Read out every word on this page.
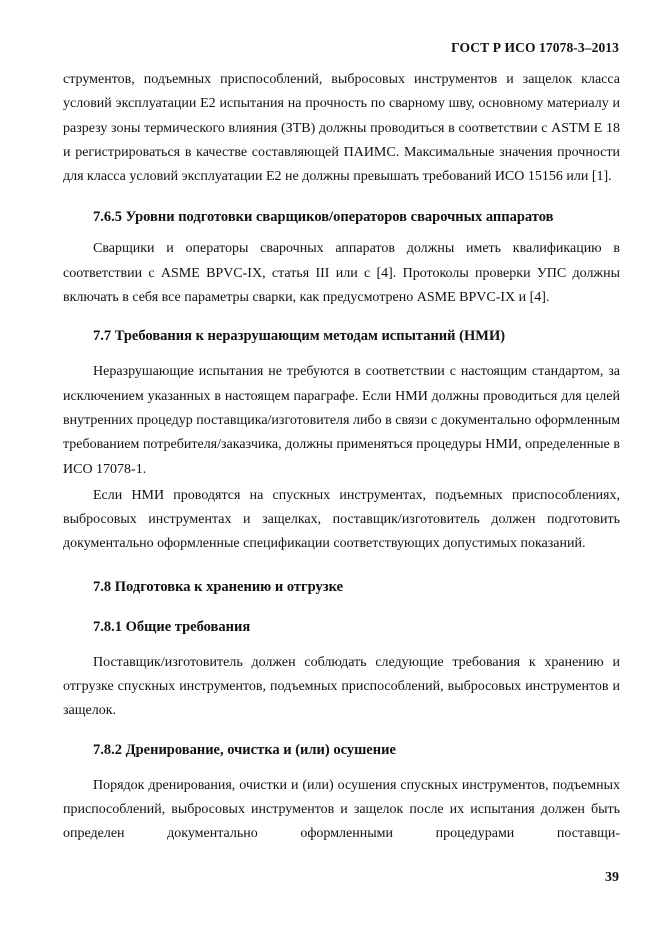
ГОСТ Р ИСО 17078-3–2013

струментов, подъемных приспособлений, выбросовых инструментов и защелок класса условий эксплуатации Е2 испытания на прочность по сварному шву, основному материалу и разрезу зоны термического влияния (ЗТВ) должны проводиться в соответствии с ASTM E 18 и регистрироваться в качестве составляющей ПАИМС. Максимальные значения прочности для класса условий эксплуатации Е2 не должны превышать требований ИСО 15156 или [1].

7.6.5 Уровни подготовки сварщиков/операторов сварочных аппаратов

Сварщики и операторы сварочных аппаратов должны иметь квалификацию в соответствии с ASME BPVC-IX, статья III или с [4]. Протоколы проверки УПС должны включать в себя все параметры сварки, как предусмотрено ASME BPVC-IX и [4].

7.7 Требования к неразрушающим методам испытаний (НМИ)

Неразрушающие испытания не требуются в соответствии с настоящим стандартом, за исключением указанных в настоящем параграфе. Если НМИ должны проводиться для целей внутренних процедур поставщика/изготовителя либо в связи с документально оформленным требованием потребителя/заказчика, должны применяться процедуры НМИ, определенные в ИСО 17078-1.

Если НМИ проводятся на спускных инструментах, подъемных приспособлениях, выбросовых инструментах и защелках, поставщик/изготовитель должен подготовить документально оформленные спецификации соответствующих допустимых показаний.

7.8 Подготовка к хранению и отгрузке
7.8.1 Общие требования

Поставщик/изготовитель должен соблюдать следующие требования к хранению и отгрузке спускных инструментов, подъемных приспособлений, выбросовых инструментов и защелок.

7.8.2 Дренирование, очистка и (или) осушение

Порядок дренирования, очистки и (или) осушения спускных инструментов, подъемных приспособлений, выбросовых инструментов и защелок после их испытания должен быть определен документально оформленными процедурами поставщи-

39
